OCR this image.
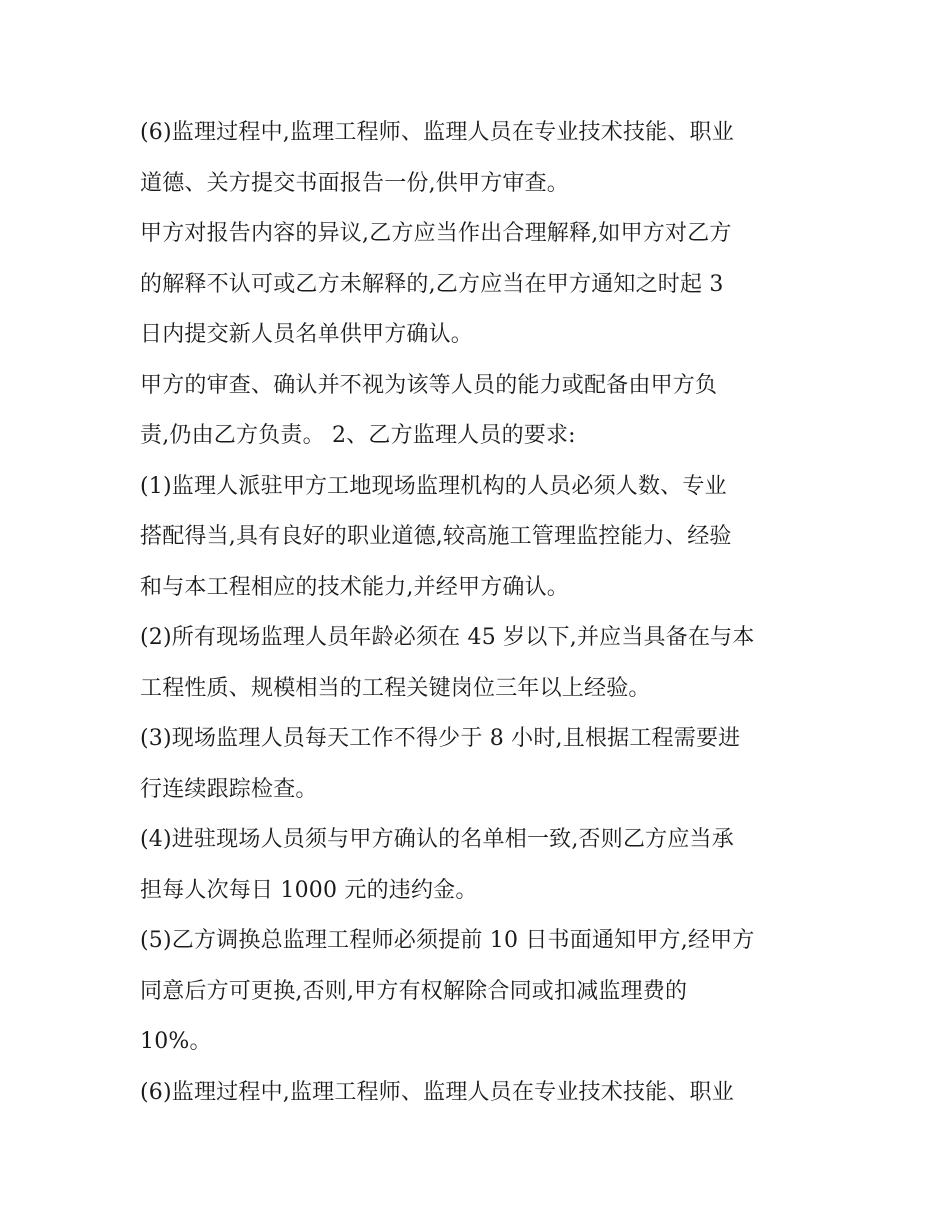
(6)监理过程中,监理工程师、监理人员在专业技术技能、职业
道德、关方提交书面报告一份,供甲方审查。
甲方对报告内容的异议,乙方应当作出合理解释,如甲方对乙方
的解释不认可或乙方未解释的,乙方应当在甲方通知之时起 3
日内提交新人员名单供甲方确认。
甲方的审查、确认并不视为该等人员的能力或配备由甲方负
责,仍由乙方负责。 2、乙方监理人员的要求:
(1)监理人派驻甲方工地现场监理机构的人员必须人数、专业
搭配得当,具有良好的职业道德,较高施工管理监控能力、经验
和与本工程相应的技术能力,并经甲方确认。
(2)所有现场监理人员年龄必须在 45 岁以下,并应当具备在与本
工程性质、规模相当的工程关键岗位三年以上经验。
(3)现场监理人员每天工作不得少于 8 小时,且根据工程需要进
行连续跟踪检查。
(4)进驻现场人员须与甲方确认的名单相一致,否则乙方应当承
担每人次每日 1000 元的违约金。
(5)乙方调换总监理工程师必须提前 10 日书面通知甲方,经甲方
同意后方可更换,否则,甲方有权解除合同或扣减监理费的
10%。
(6)监理过程中,监理工程师、监理人员在专业技术技能、职业
